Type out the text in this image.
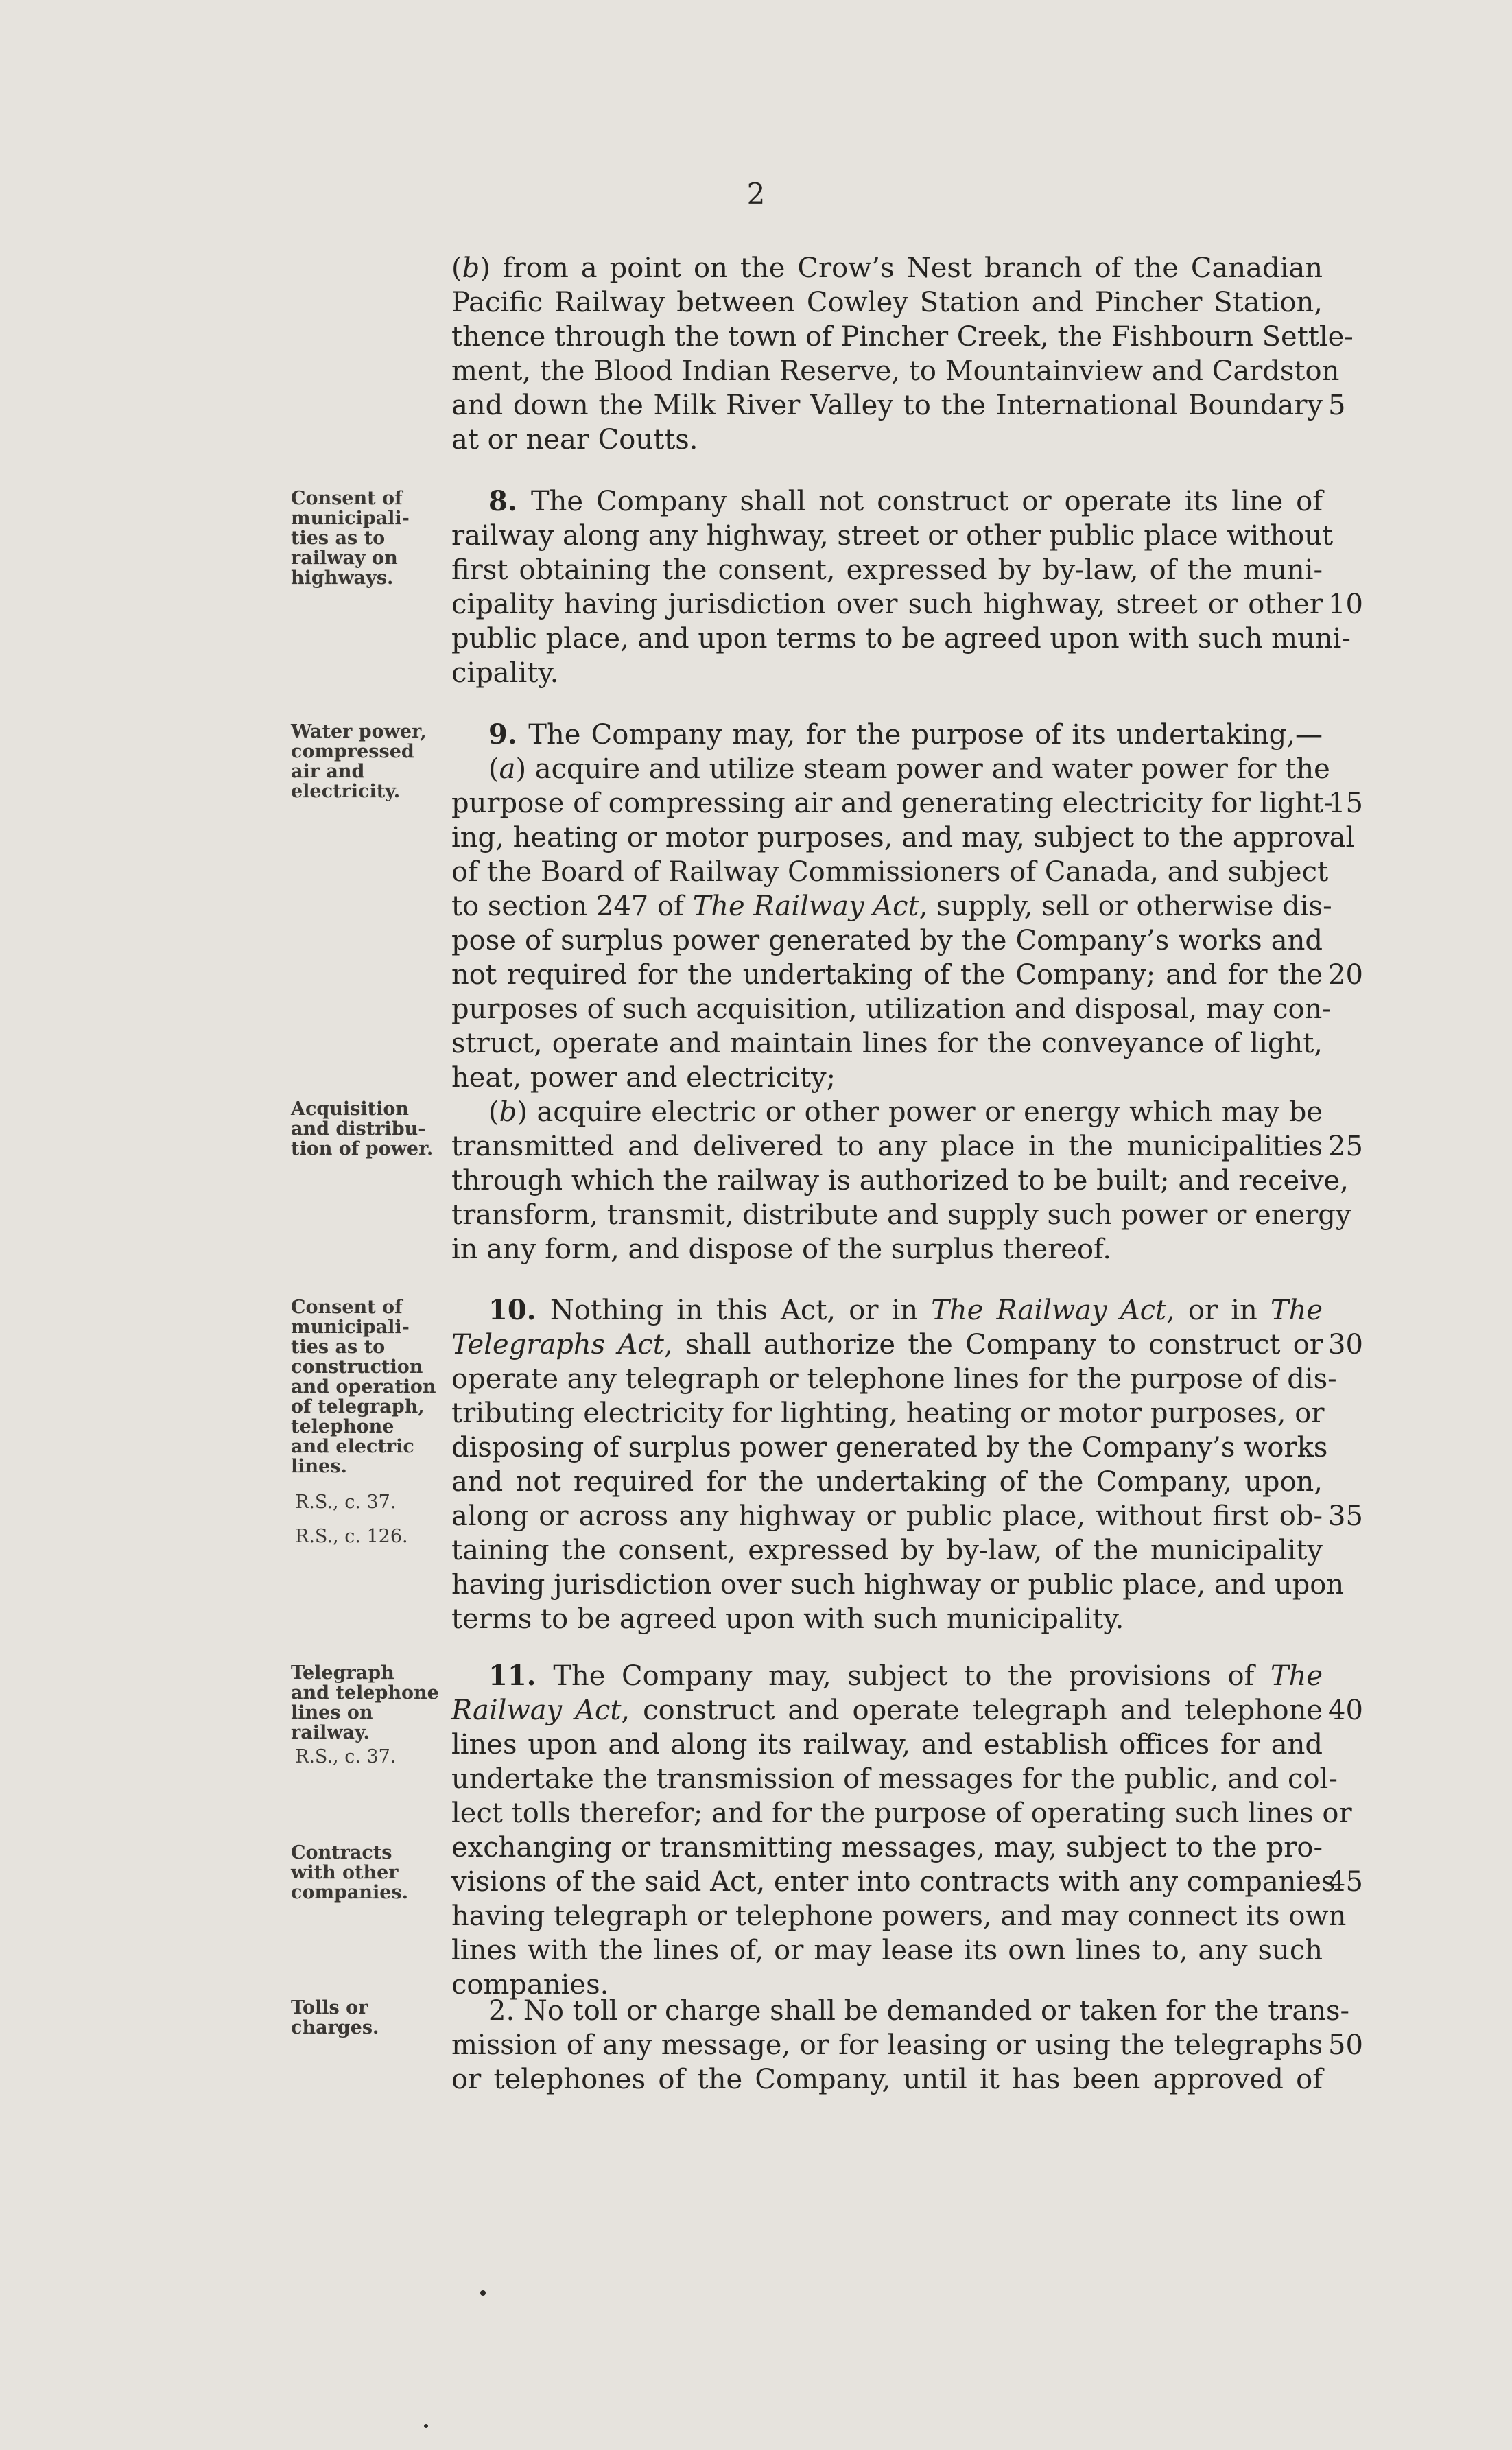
2
(b) from a point on the Crow’s Nest branch of the Canadian
Pacific Railway between Cowley Station and Pincher Station,
thence through the town of Pincher Creek, the Fishbourn Settle-
ment, the Blood Indian Reserve, to Mountainview and Cardston
and down the Milk River Valley to the International Boundary 5
at or near Coutts.
8. The Company shall not construct or operate its line of
railway along any highway, street or other public place without
first obtaining the consent, expressed by by-law, of the muni-
cipality having jurisdiction over such highway, street or other 10
public place, and upon terms to be agreed upon with such muni-
cipality.
Consent of municipali-
ties as to
railway on
highways.
9. The Company may, for the purpose of its undertaking,—
(a) acquire and utilize steam power and water power for the
purpose of compressing air and generating electricity for light-
15
ing, heating or motor purposes, and may, subject to the approval
of the Board of Railway Commissioners of Canada, and subject
to section 247 of The Railway Act, supply, sell or otherwise dis-
pose of surplus power generated by the Company’s works and
not required for the undertaking of the Company; and for the 20
purposes of such acquisition, utilization and disposal, may con-
struct, operate and maintain lines for the conveyance of light,
heat, power and electricity;
Water power,
compressed
air and
electricity.
(b) acquire electric or other power or energy which may be
transmitted and delivered to any place in the municipalities 25
through which the railway is authorized to be built; and receive,
transform, transmit, distribute and supply such power or energy
in any form, and dispose of the surplus thereof.
Acquisition
and distribu-
tion of power.
10. Nothing in this Act, or in The Railway Act, or in The
Telegraphs Act, shall authorize the Company to construct or 30
operate any telegraph or telephone lines for the purpose of dis-
tributing electricity for lighting, heating or motor purposes, or
disposing of surplus power generated by the Company’s works
and not required for the undertaking of the Company, upon,
along or across any highway or public place, without first ob- 35
taining the consent, expressed by by-law, of the municipality
having jurisdiction over such highway or public place, and upon
terms to be agreed upon with such municipality.
Consent of
municipali-
ties as to
construction
and operation
of telegraph,
telephone
and electric
lines.
R.S., c. 37.
R.S., c. 126.
11. The Company may, subject to the provisions of The
Railway Act, construct and operate telegraph and telephone 40
lines upon and along its railway, and establish offices for and
undertake the transmission of messages for the public, and col-
lect tolls therefor; and for the purpose of operating such lines or
exchanging or transmitting messages, may, subject to the pro-
visions of the said Act, enter into contracts with any companies
45
having telegraph or telephone powers, and may connect its own
lines with the lines of, or may lease its own lines to, any such
companies.
Telegraph
and telephone
lines on
railway.
R.S., c. 37.
Contracts
with other
companies.
2. No toll or charge shall be demanded or taken for the trans-
mission of any message, or for leasing or using the telegraphs 50
or telephones of the Company, until it has been approved of
Tolls or
charges.
